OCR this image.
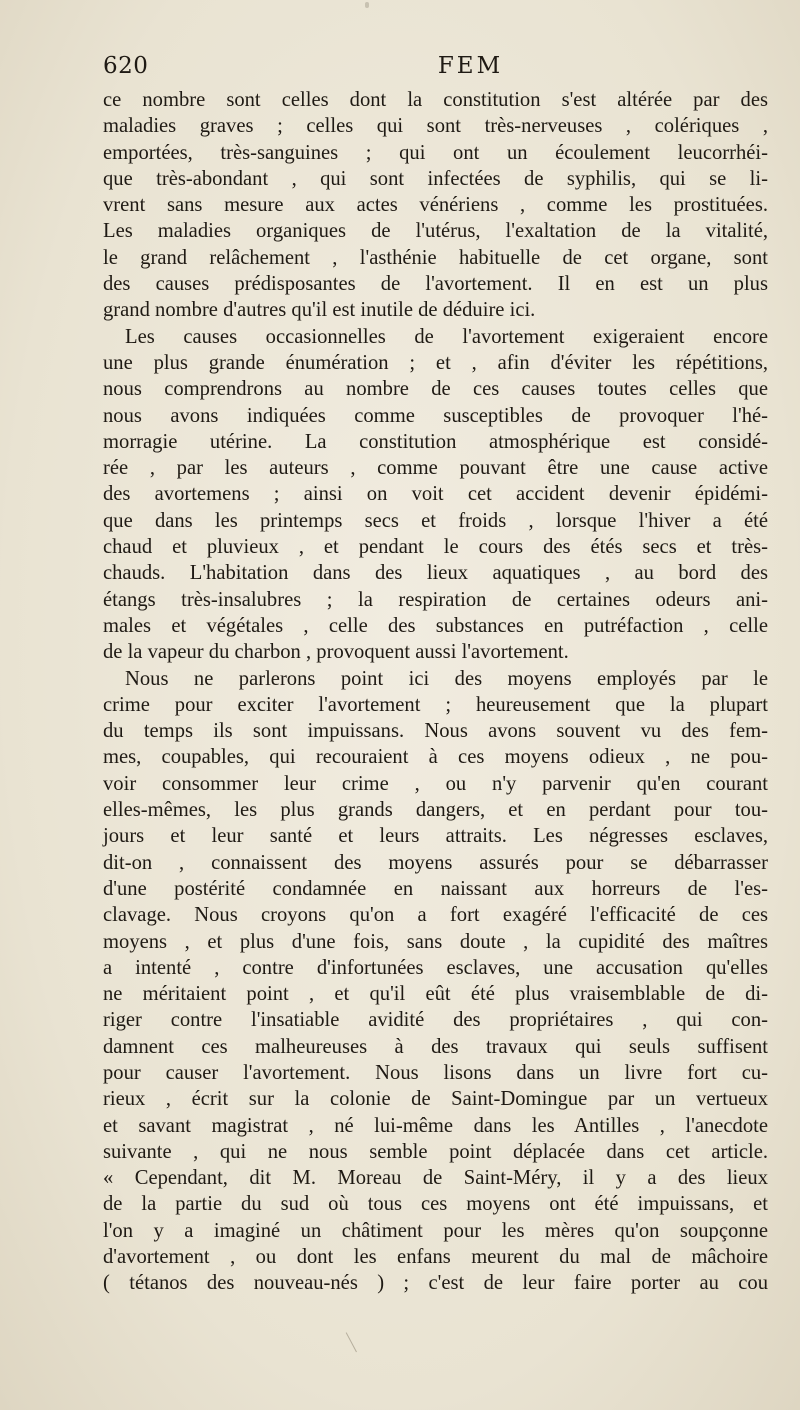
620	FEM
ce nombre sont celles dont la constitution s'est altérée par des
maladies graves ; celles qui sont très-nerveuses , colériques ,
emportées, très-sanguines ; qui ont un écoulement leucorrhéi-
que très-abondant , qui sont infectées de syphilis, qui se li-
vrent sans mesure aux actes vénériens , comme les prostituées.
Les maladies organiques de l'utérus, l'exaltation de la vitalité,
le grand relâchement , l'asthénie habituelle de cet organe, sont
des causes prédisposantes de l'avortement. Il en est un plus
grand nombre d'autres qu'il est inutile de déduire ici.
Les causes occasionnelles de l'avortement exigeraient encore
une plus grande énumération ; et , afin d'éviter les répétitions,
nous comprendrons au nombre de ces causes toutes celles que
nous avons indiquées comme susceptibles de provoquer l'hé-
morragie utérine. La constitution atmosphérique est considé-
rée , par les auteurs , comme pouvant être une cause active
des avortemens ; ainsi on voit cet accident devenir épidémi-
que dans les printemps secs et froids , lorsque l'hiver a été
chaud et pluvieux , et pendant le cours des étés secs et très-
chauds. L'habitation dans des lieux aquatiques , au bord des
étangs très-insalubres ; la respiration de certaines odeurs ani-
males et végétales , celle des substances en putréfaction , celle
de la vapeur du charbon , provoquent aussi l'avortement.
Nous ne parlerons point ici des moyens employés par le
crime pour exciter l'avortement ; heureusement que la plupart
du temps ils sont impuissans. Nous avons souvent vu des fem-
mes, coupables, qui recouraient à ces moyens odieux , ne pou-
voir consommer leur crime , ou n'y parvenir qu'en courant
elles-mêmes, les plus grands dangers, et en perdant pour tou-
jours et leur santé et leurs attraits. Les négresses esclaves,
dit-on , connaissent des moyens assurés pour se débarrasser
d'une postérité condamnée en naissant aux horreurs de l'es-
clavage. Nous croyons qu'on a fort exagéré l'efficacité de ces
moyens , et plus d'une fois, sans doute , la cupidité des maîtres
a intenté , contre d'infortunées esclaves, une accusation qu'elles
ne méritaient point , et qu'il eût été plus vraisemblable de di-
riger contre l'insatiable avidité des propriétaires , qui con-
damnent ces malheureuses à des travaux qui seuls suffisent
pour causer l'avortement. Nous lisons dans un livre fort cu-
rieux , écrit sur la colonie de Saint-Domingue par un vertueux
et savant magistrat , né lui-même dans les Antilles , l'anecdote
suivante , qui ne nous semble point déplacée dans cet article.
« Cependant, dit M. Moreau de Saint-Méry, il y a des lieux
de la partie du sud où tous ces moyens ont été impuissans, et
l'on y a imaginé un châtiment pour les mères qu'on soupçonne
d'avortement , ou dont les enfans meurent du mal de mâchoire
( tétanos des nouveau-nés ) ; c'est de leur faire porter au cou
